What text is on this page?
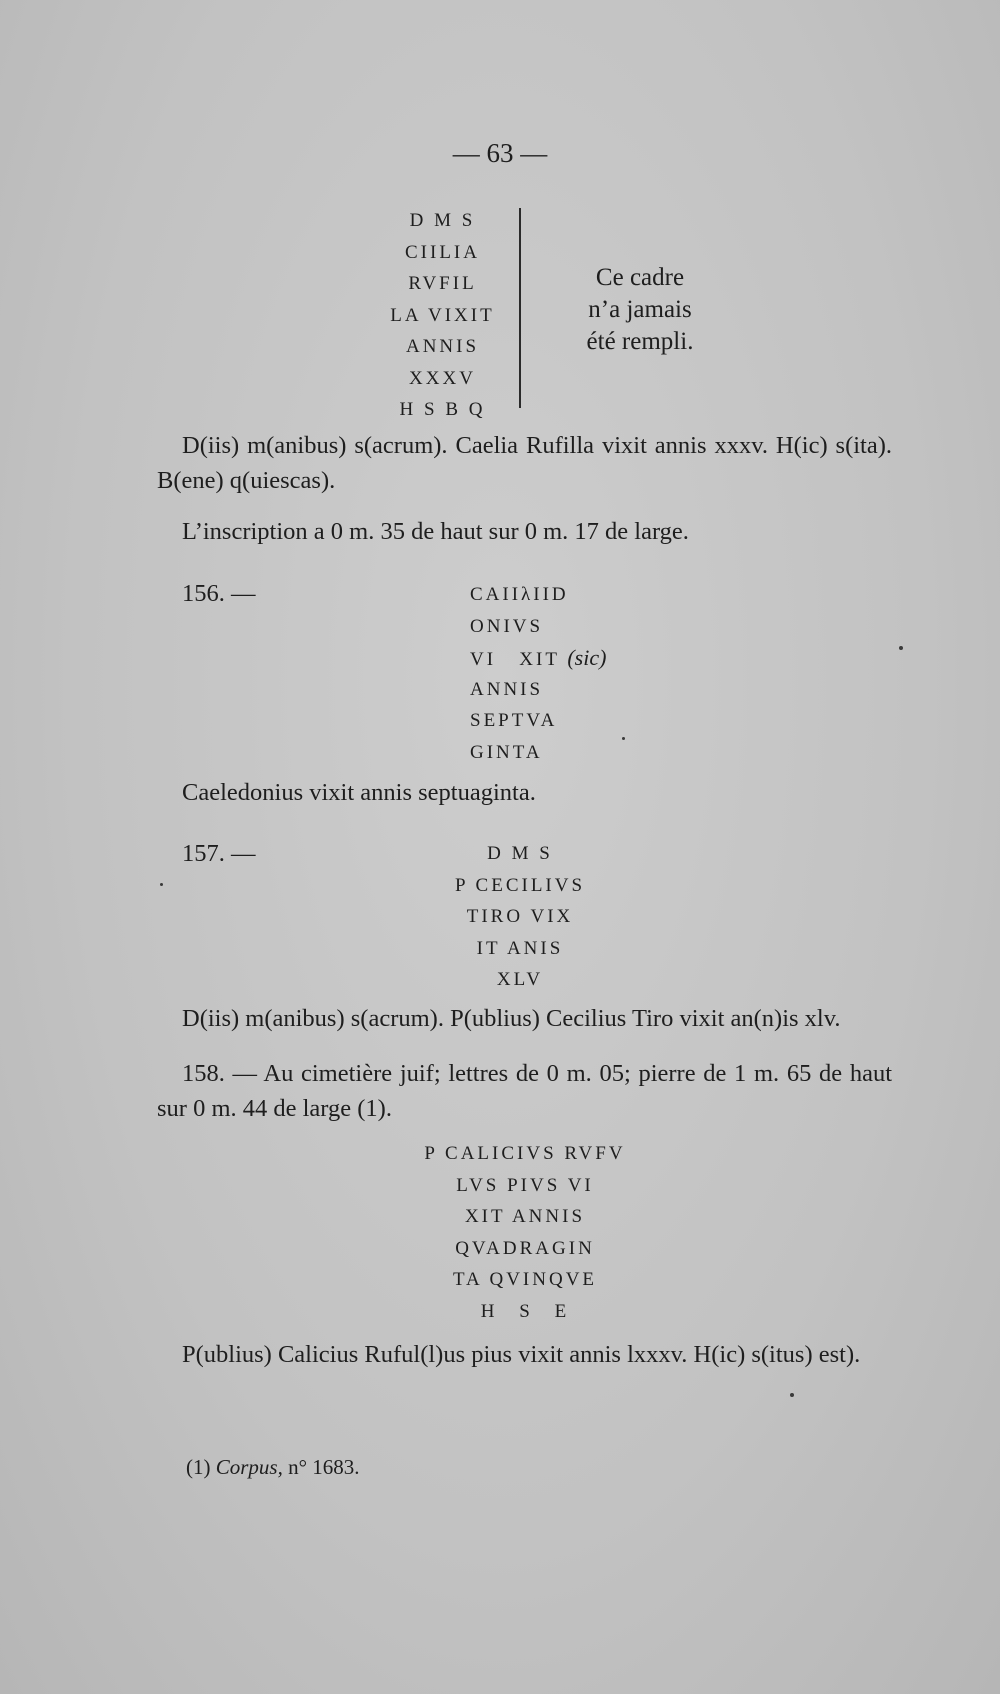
— 63 —
D M S
CIILIA
RVFIL
LA VIXIT
ANNIS
XXXV
H S B Q
Ce cadre
n’a jamais
été rempli.
D(iis) m(anibus) s(acrum). Caelia Rufilla vixit annis xxxv. H(ic) s(ita). B(ene) q(uiescas).
L’inscription a 0 m. 35 de haut sur 0 m. 17 de large.
156. —	CAIIλIID
ONIVS
VI   XIT (sic)
ANNIS
SEPTVA
GINTA
Caeledonius vixit annis septuaginta.
157. —	D M S
P CECILIVS
TIRO VIX
IT ANIS
XLV
D(iis) m(anibus) s(acrum). P(ublius) Cecilius Tiro vixit an(n)is xlv.
158. — Au cimetière juif; lettres de 0 m. 05; pierre de 1 m. 65 de haut sur 0 m. 44 de large (1).
P CALICIVS RVFV
LVS PIVS VI
XIT ANNIS
QVADRAGIN
TA QVINQVE
H S E
P(ublius) Calicius Ruful(l)us pius vixit annis lxxxv. H(ic) s(itus) est).
(1) Corpus, n° 1683.
